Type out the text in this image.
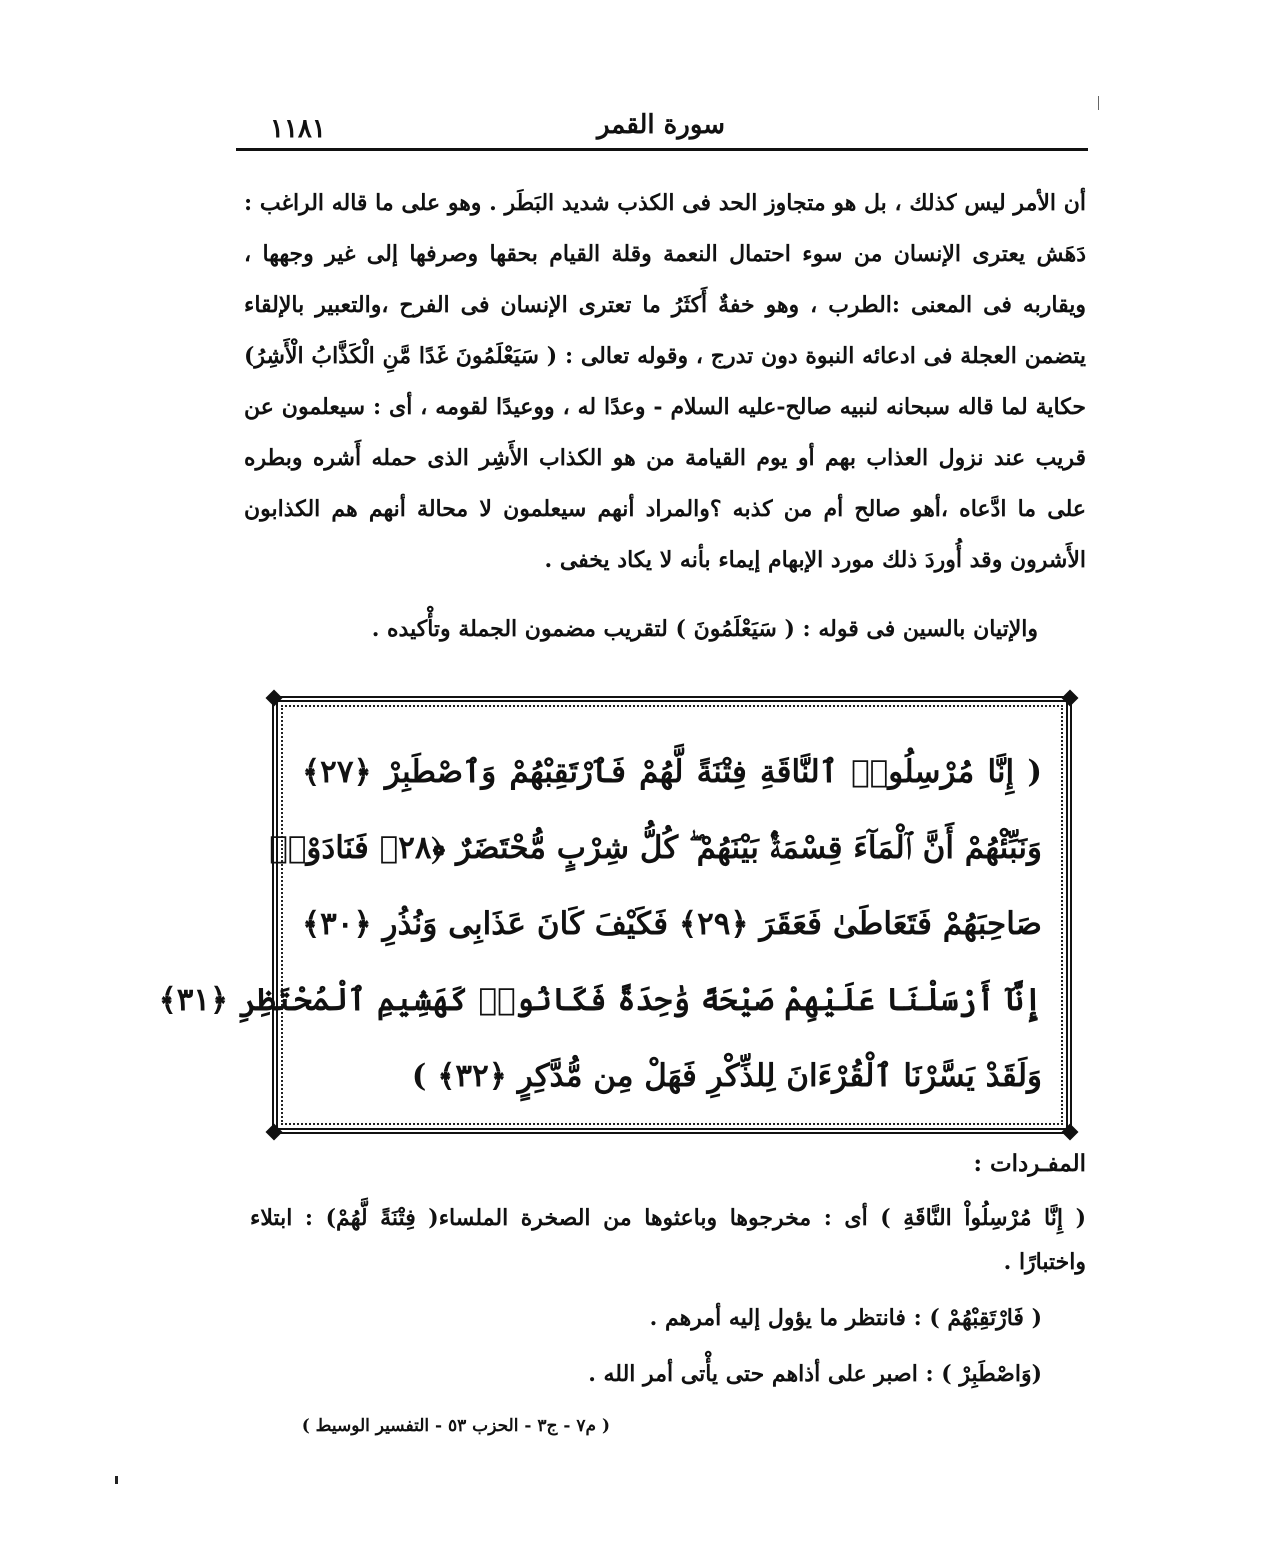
١١٨١	سورة القمر

أن الأمر ليس كذلك ، بل هو متجاوز الحد فى الكذب شديد البَطَر . وهو على ما قاله الراغب : دَهَش يعترى الإنسان من سوء احتمال النعمة وقلة القيام بحقها وصرفها إلى غير وجهها ، ويقاربه فى المعنى :الطرب ، وهو خفةٌ أَكثَرُ ما تعترى الإنسان فى الفرح ،والتعبير بالإلقاء يتضمن العجلة فى ادعائه النبوة دون تدرج ، وقوله تعالى : ( سَيَعْلَمُونَ غَدًا مَّنِ الْكَذَّابُ الْأَشِرُ) حكاية لما قاله سبحانه لنبيه صالح-عليه السلام - وعدًا له ، ووعيدًا لقومه ، أى : سيعلمون عن قريب عند نزول العذاب بهم أو يوم القيامة من هو الكذاب الأَشِر الذى حمله أَشره وبطره على ما ادَّعاه ،أهو صالح أم من كذبه ؟والمراد أنهم سيعلمون لا محالة أنهم هم الكذابون الأَشرون وقد أُوردَ ذلك مورد الإبهام إيماء بأنه لا يكاد يخفى .

والإتيان بالسين فى قوله : ( سَيَعْلَمُونَ ) لتقريب مضمون الجملة وتأْكيده .

( إِنَّا مُرْسِلُوا۟ ٱلنَّاقَةِ فِتْنَةً لَّهُمْ فَٱرْتَقِبْهُمْ وَٱصْطَبِرْ ﴿٢٧﴾
وَنَبِّئْهُمْ أَنَّ ٱلْمَآءَ قِسْمَةٌۢ بَيْنَهُمْ ۖ كُلُّ شِرْبٍ مُّحْتَضَرٌ ﴿٢٨﴾ فَنَادَوْا۟
صَاحِبَهُمْ فَتَعَاطَىٰ فَعَقَرَ ﴿٢٩﴾ فَكَيْفَ كَانَ عَذَابِى وَنُذُرِ ﴿٣٠﴾
إِنَّآ أَرْسَلْنَا عَلَيْهِمْ صَيْحَةً وَٰحِدَةً فَكَانُوا۟ كَهَشِيمِ ٱلْمُحْتَظِرِ ﴿٣١﴾
وَلَقَدْ يَسَّرْنَا ٱلْقُرْءَانَ لِلذِّكْرِ فَهَلْ مِن مُّدَّكِرٍ ﴿٣٢﴾ )
المفـردات :

( إِنَّا مُرْسِلُواْ النَّاقَةِ ) أى : مخرجوها وباعثوها من الصخرة الملساء( فِتْنَةً لَّهُمْ) : ابتلاء واختبارًا .

( فَارْتَقِبْهُمْ ) : فانتظر ما يؤول إليه أمرهم .

(وَاصْطَبِرْ ) : اصبر على أذاهم حتى يأْتى أمر الله .

( م٧ - ج٣ - الحزب ٥٣ - التفسير الوسيط )
